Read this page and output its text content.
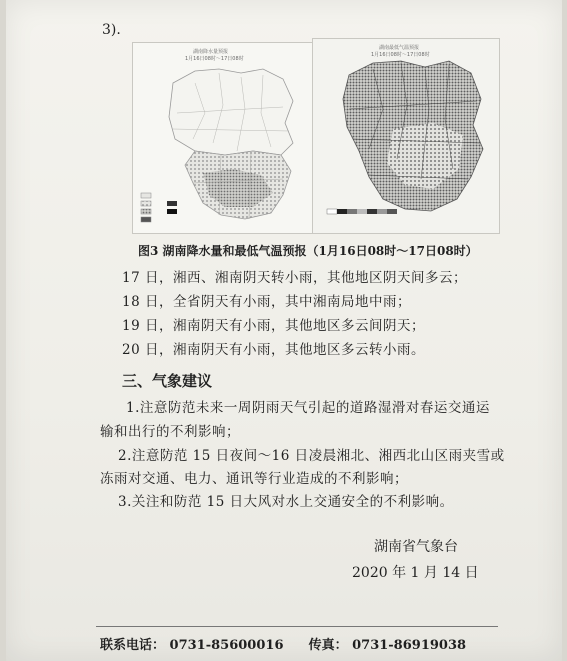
3).
湖南降水量预报
1月16日08时～17日08时
湖南最低气温预报
1月16日08时～17日08时
图3 湖南降水量和最低气温预报（1月16日08时～17日08时）
17 日，湘西、湘南阴天转小雨，其他地区阴天间多云；
18 日，全省阴天有小雨，其中湘南局地中雨；
19 日，湘南阴天有小雨，其他地区多云间阴天；
20 日，湘南阴天有小雨，其他地区多云转小雨。
三、气象建议
1.注意防范未来一周阴雨天气引起的道路湿滑对春运交通运
输和出行的不利影响；
2.注意防范 15 日夜间～16 日凌晨湘北、湘西北山区雨夹雪或
冻雨对交通、电力、通讯等行业造成的不利影响；
3.关注和防范 15 日大风对水上交通安全的不利影响。
湖南省气象台
2020 年 1 月 14 日
联系电话： 0731-85600016 传真： 0731-86919038
